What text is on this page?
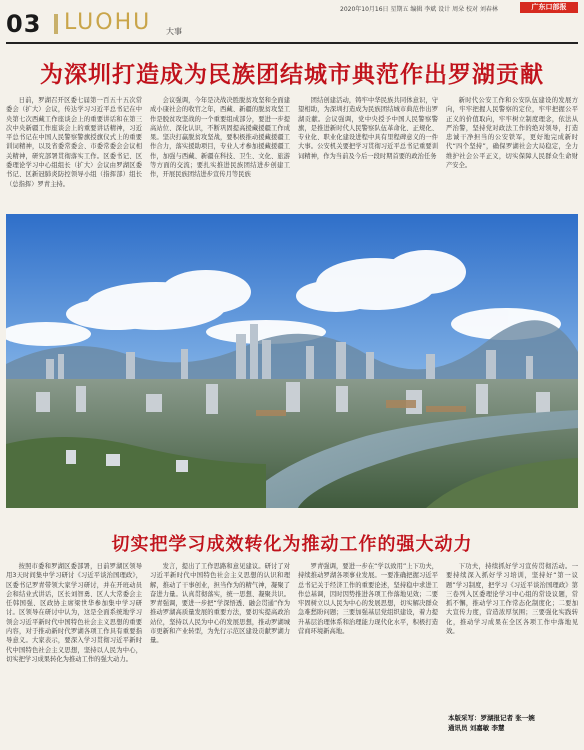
03 LUOHU 大事
2020年10月16日 星期五 编辑 李斌 设计 周朵 校对 刘春林	广东口部报
为深圳打造成为民族团结城市典范作出罗湖贡献

日前，罗湖召开区委七届第一百五十五次常委会（扩大）会议，传达学习习近平总书记在中央第七次西藏工作座谈会上的重要讲话和在第三次中央新疆工作座谈会上的重要讲话精神，习近平总书记在中国人民警察警旗授旗仪式上的重要训词精神，以及省委常委会、市委常委会会议相关精神，研究部署贯彻落实工作。区委书记、区委理论学习中心组组长（扩大）会议由罗湖区委书记、区新冠肺炎防控领导小组（指挥部）组长（总指挥）罗青主持。

会议强调，今年是决战决胜脱贫攻坚和全面建成小康社会的收官之年，西藏、新疆的脱贫攻坚工作是脱贫攻坚战的一个重要组成部分，要进一步提高站位、深化认识，不断巩固提高援藏援疆工作成果。坚决打赢脱贫攻坚战，要积极推动援藏援疆工作合力，落实援助项目，专业人才参加援藏援疆工作，加强与西藏、新疆在科技、卫生、文化、旅游等方面的交流；要扎实推进民族团结进步创建工作，开展民族团结进步宣传月等民族

团结创建活动，铸牢中华民族共同体意识，守望相助，为深圳打造成为民族团结城市典范作出罗湖贡献。会议强调，党中央授予中国人民警察警旗，是推进新时代人民警察队伍革命化、正规化、专业化、职业化建设进程中具有里程碑意义的一件大事。公安机关要把学习贯彻习近平总书记重要训词精神，作为当前及今后一段时期首要的政治任务

新时代公安工作和公安队伍建设的发展方向，牢牢把握人民警察的定位，牢牢把握公平正义的价值取向，牢牢树立制度理念，依法从严治警，坚持党对政法工作的绝对领导，打造忠诚干净担当的公安铁军，更好地完成新时代“四个坚持”，确保罗湖社会大局稳定，全力维护社会公平正义，切实保障人民群众生命财产安全。

切实把学习成效转化为推动工作的强大动力

按照市委和罗湖区委部署，日前罗湖区领导用3天时间集中学习研讨《习近平谈治国理政》，区委书记罗青带领大家学习研讨，并在开班动员会和结业式讲话，区长刘智勇、区人大常委会主任韩国强、区政协主席梁世华参加集中学习研讨。区领导在研讨中认为，这是全面系统地学习领会习近平新时代中国特色社会主义思想的重要内容，对于推动新时代罗湖各项工作具有重要指导意义。大家表示，要深入学习贯彻习近平新时代中国特色社会主义思想，坚持以人民为中心，切实把学习成果转化为推动工作的强大动力。

发言，提出了工作思路和意见建议。研讨了对习近平新时代中国特色社会主义思想的认识和理解，推动了干事创业，担当作为的精气神，凝聚了奋进力量。认真贯彻落实，统一思想、凝聚共识。罗青强调，要进一步把“学深悟透、融会贯通”作为推动罗湖高质量发展的重要方法，要切实提高政治站位，坚持以人民为中心的发展思想，推动罗湖城市更新和产业转型，为先行示范区建设贡献罗湖力量。

罗青强调，要进一步在“学以致用”上下功夫，持续推动罗湖各项事业发展。一要准确把握习近平总书记关于经济工作的重要论述，坚持稳中求进工作总基调，因时因势推进各项工作落地见效；二要牢固树立以人民为中心的发展思想，切实解决群众急难愁盼问题；三要加强基层党组织建设，着力提升基层治理体系和治理能力现代化水平，积极打造营商环境新高地。

下功夫，持续抓好学习宣传贯彻活动。一要持续深入抓好学习培训，坚持好“第一议题”学习制度，把学习《习近平谈治国理政》第三卷列入区委理论学习中心组的常设议题，常抓不懈，推动学习工作常态化制度化；二要加大宣传力度，营造浓厚氛围；三要强化实践转化，推动学习成果在全区各项工作中落地见效。

本版采写：罗湖报记者 张一婉
通讯员 刘嘉敏 李慧
